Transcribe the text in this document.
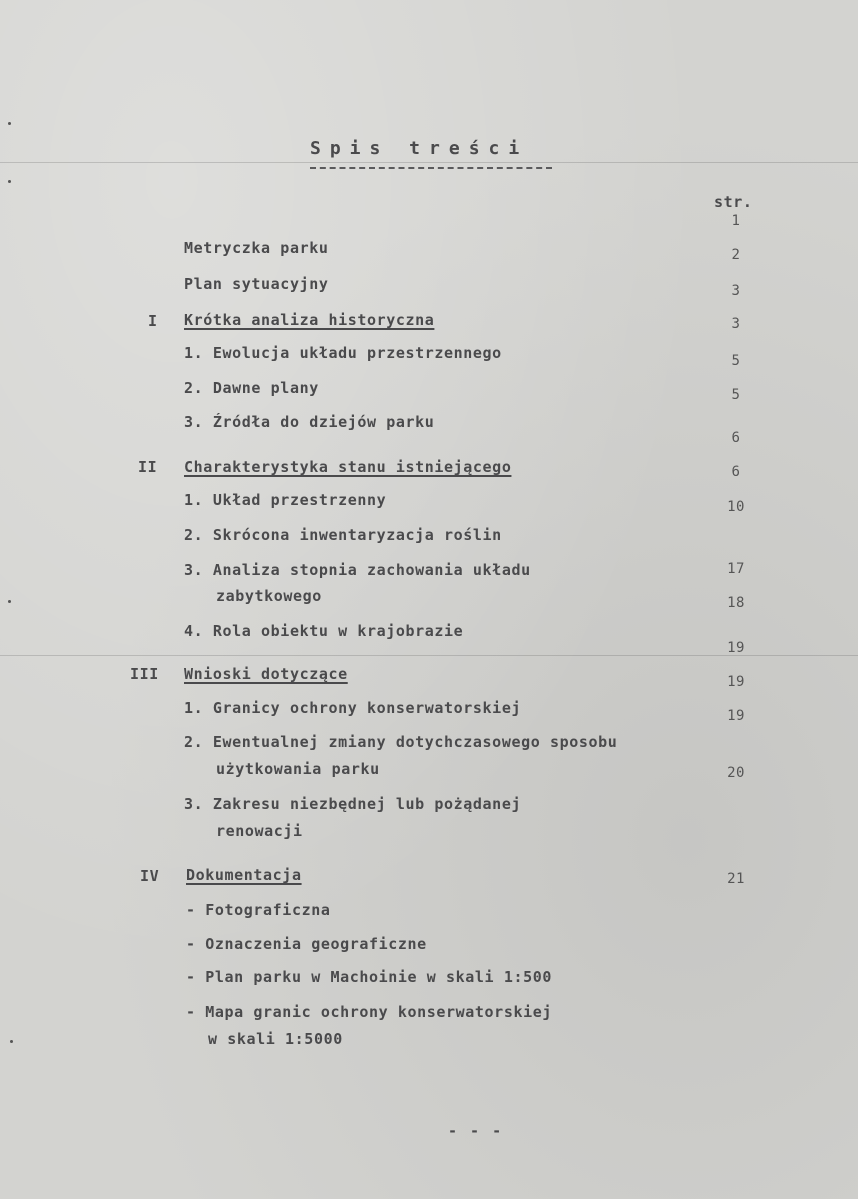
Spis treści
str.
I
II
III
IV
Metryczka parku
Plan sytuacyjny
Krótka analiza historyczna
1. Ewolucja układu przestrzennego
2. Dawne plany
3. Źródła do dziejów parku
Charakterystyka stanu istniejącego
1. Układ przestrzenny
2. Skrócona inwentaryzacja roślin
3. Analiza stopnia zachowania układu
zabytkowego
4. Rola obiektu w krajobrazie
Wnioski dotyczące
1. Granicy ochrony konserwatorskiej
2. Ewentualnej zmiany dotychczasowego sposobu
użytkowania parku
3. Zakresu niezbędnej lub pożądanej
renowacji
Dokumentacja
- Fotograficzna
- Oznaczenia geograficzne
- Plan parku w Machoinie w skali 1:500
- Mapa granic ochrony konserwatorskiej
w skali 1:5000
1
2
3
3
5
5
6
6
10
17
18
19
19
19
20
21
- - -
